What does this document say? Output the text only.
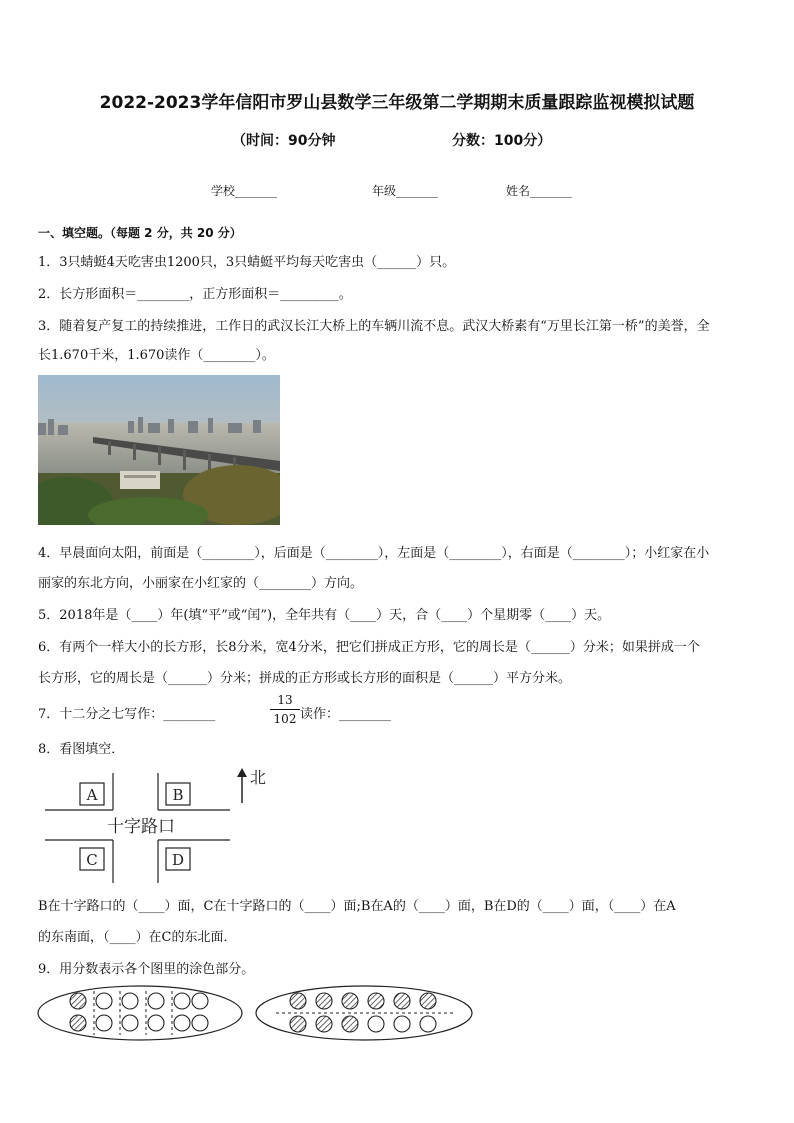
2022-2023学年信阳市罗山县数学三年级第二学期期末质量跟踪监视模拟试题
（时间：90分钟	分数：100分）
学校_______	年级_______	姓名_______
一、填空题。（每题 2 分，共 20 分）
1．3只蜻蜓4天吃害虫1200只，3只蜻蜓平均每天吃害虫（______）只。
2．长方形面积＝________，正方形面积＝_________。
3．随着复产复工的持续推进，工作日的武汉长江大桥上的车辆川流不息。武汉大桥素有“万里长江第一桥”的美誉，全
长1.670千米，1.670读作（________）。
4．早晨面向太阳，前面是（________），后面是（________），左面是（________），右面是（________）；小红家在小
丽家的东北方向，小丽家在小红家的（________）方向。
5．2018年是（____）年(填“平”或“闰”)，全年共有（____）天，合（____）个星期零（____）天。
6．有两个一样大小的长方形，长8分米，宽4分米，把它们拼成正方形，它的周长是（______）分米；如果拼成一个
长方形，它的周长是（______）分米；拼成的正方形或长方形的面积是（______）平方分米。
7．十二分之七写作：________
13
102 读作：________
8．看图填空．
A	B
C	D
十字路口
北
B在十字路口的（____）面，C在十字路口的（____）面;B在A的（____）面，B在D的（____）面，（____）在A
的东南面，（____）在C的东北面．
9．用分数表示各个图里的涂色部分。
